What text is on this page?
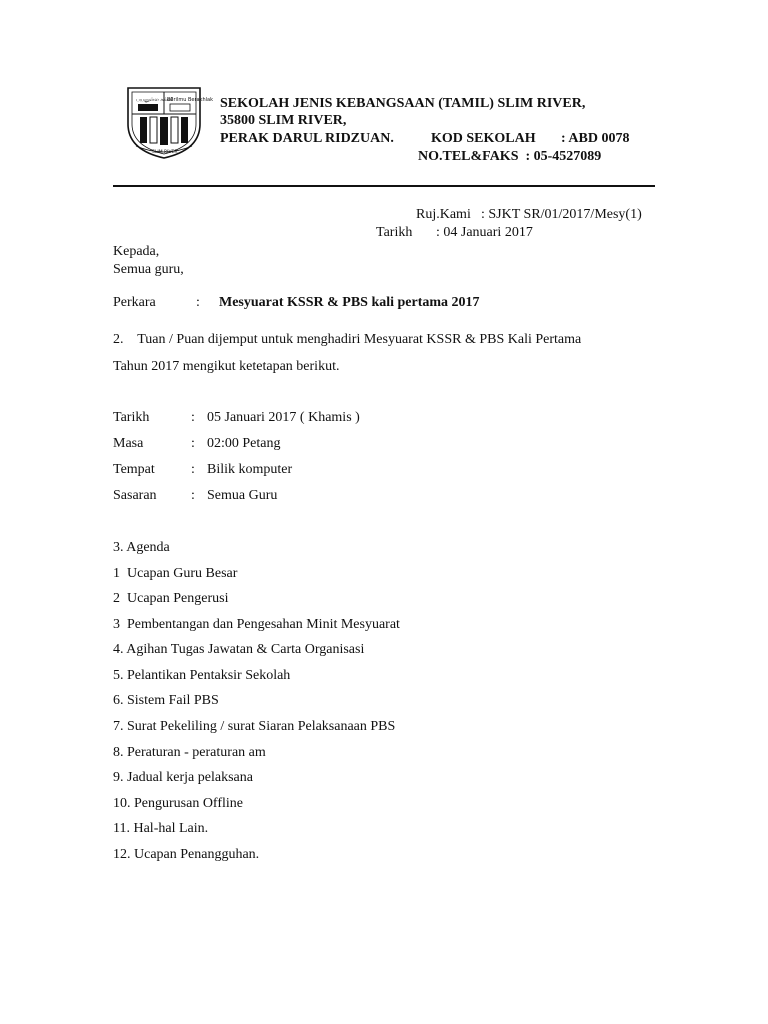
பயனுள்ள கல்வி
Berilmu Berakhlak
SLIM RIVER
SEKOLAH JENIS KEBANGSAAN (TAMIL) SLIM RIVER,
35800 SLIM RIVER,
PERAK DARUL RIDZUAN.	KOD SEKOLAH : ABD 0078
NO.TEL&FAKS  : 05-4527089
Ruj.Kami : SJKT SR/01/2017/Mesy(1)
Tarikh : 04 Januari 2017
Kepada,
Semua guru,
Perkara	: Mesyuarat KSSR & PBS kali pertama 2017
2.    Tuan / Puan dijemput untuk menghadiri Mesyuarat KSSR & PBS Kali Pertama
Tahun 2017 mengikut ketetapan berikut.
Tarikh	: 05 Januari 2017 ( Khamis )
Masa	: 02:00 Petang
Tempat	: Bilik komputer
Sasaran : Semua Guru
3. Agenda
1  Ucapan Guru Besar
2  Ucapan Pengerusi
3  Pembentangan dan Pengesahan Minit Mesyuarat
4. Agihan Tugas Jawatan & Carta Organisasi
5. Pelantikan Pentaksir Sekolah
6. Sistem Fail PBS
7. Surat Pekeliling / surat Siaran Pelaksanaan PBS
8. Peraturan - peraturan am
9. Jadual kerja pelaksana
10. Pengurusan Offline
11. Hal-hal Lain.
12. Ucapan Penangguhan.
